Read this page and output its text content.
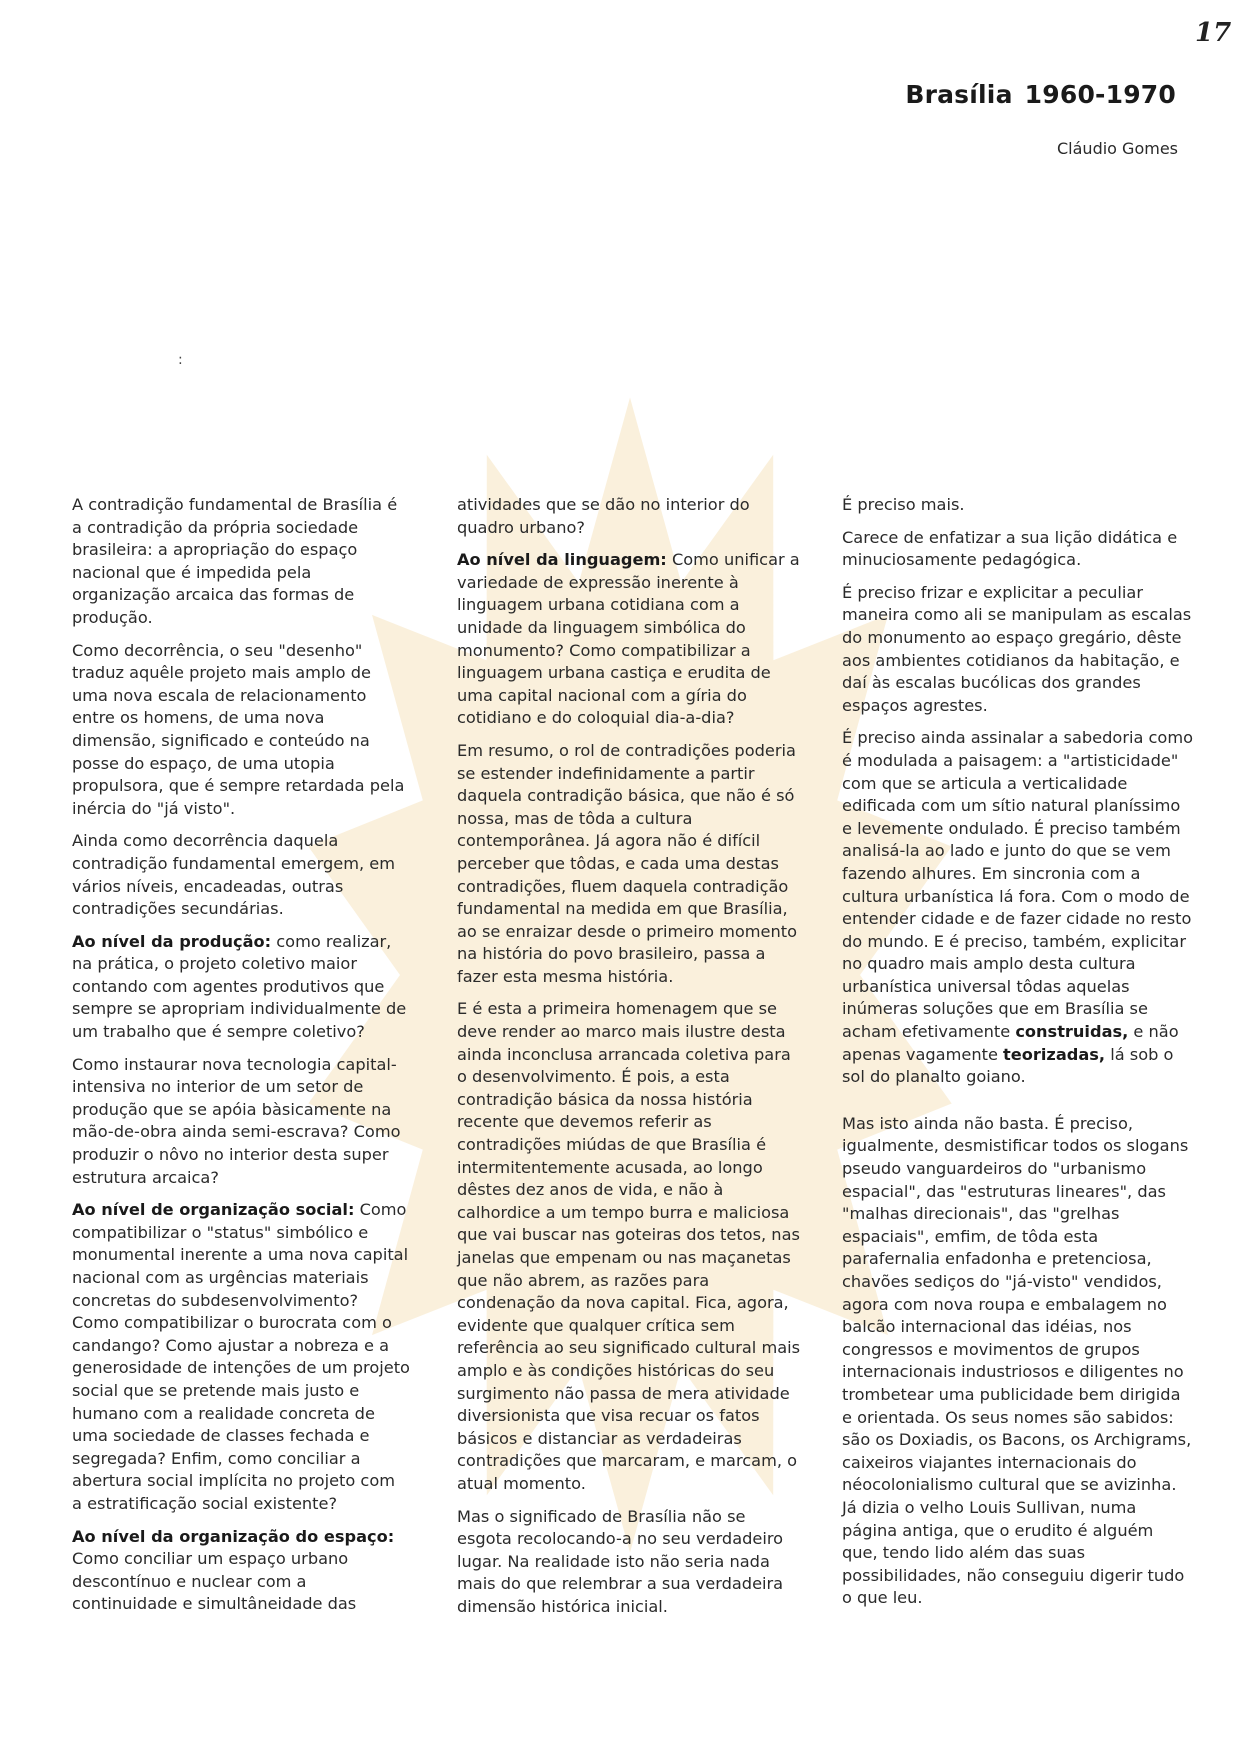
17
Brasília 1960-1970
Cláudio Gomes
:

A contradição fundamental de Brasília é a contradição da própria sociedade brasileira: a apropriação do espaço nacional que é impedida pela organização arcaica das formas de produção.

Como decorrência, o seu "desenho" traduz aquêle projeto mais amplo de uma nova escala de relacionamento entre os homens, de uma nova dimensão, significado e conteúdo na posse do espaço, de uma utopia propulsora, que é sempre retardada pela inércia do "já visto".

Ainda como decorrência daquela contradição fundamental emergem, em vários níveis, encadeadas, outras contradições secundárias.

Ao nível da produção: como realizar, na prática, o projeto coletivo maior contando com agentes produtivos que sempre se apropriam individualmente de um trabalho que é sempre coletivo?

Como instaurar nova tecnologia capital-intensiva no interior de um setor de produção que se apóia bàsicamente na mão-de-obra ainda semi-escrava? Como produzir o nôvo no interior desta super estrutura arcaica?

Ao nível de organização social: Como compatibilizar o "status" simbólico e monumental inerente a uma nova capital nacional com as urgências materiais concretas do subdesenvolvimento? Como compatibilizar o burocrata com o candango? Como ajustar a nobreza e a generosidade de intenções de um projeto social que se pretende mais justo e humano com a realidade concreta de uma sociedade de classes fechada e segregada? Enfim, como conciliar a abertura social implícita no projeto com a estratificação social existente?

Ao nível da organização do espaço: Como conciliar um espaço urbano descontínuo e nuclear com a continuidade e simultâneidade das

atividades que se dão no interior do quadro urbano?

Ao nível da linguagem: Como unificar a variedade de expressão inerente à linguagem urbana cotidiana com a unidade da linguagem simbólica do monumento? Como compatibilizar a linguagem urbana castiça e erudita de uma capital nacional com a gíria do cotidiano e do coloquial dia-a-dia?

Em resumo, o rol de contradições poderia se estender indefinidamente a partir daquela contradição básica, que não é só nossa, mas de tôda a cultura contemporânea. Já agora não é difícil perceber que tôdas, e cada uma destas contradições, fluem daquela contradição fundamental na medida em que Brasília, ao se enraizar desde o primeiro momento na história do povo brasileiro, passa a fazer esta mesma história.

E é esta a primeira homenagem que se deve render ao marco mais ilustre desta ainda inconclusa arrancada coletiva para o desenvolvimento. É pois, a esta contradição básica da nossa história recente que devemos referir as contradições miúdas de que Brasília é intermitentemente acusada, ao longo dêstes dez anos de vida, e não à calhordice a um tempo burra e maliciosa que vai buscar nas goteiras dos tetos, nas janelas que empenam ou nas maçanetas que não abrem, as razões para condenação da nova capital. Fica, agora, evidente que qualquer crítica sem referência ao seu significado cultural mais amplo e às condições históricas do seu surgimento não passa de mera atividade diversionista que visa recuar os fatos básicos e distanciar as verdadeiras contradições que marcaram, e marcam, o atual momento.

Mas o significado de Brasília não se esgota recolocando-a no seu verdadeiro lugar. Na realidade isto não seria nada mais do que relembrar a sua verdadeira dimensão histórica inicial.

É preciso mais.

Carece de enfatizar a sua lição didática e minuciosamente pedagógica.

É preciso frizar e explicitar a peculiar maneira como ali se manipulam as escalas do monumento ao espaço gregário, dêste aos ambientes cotidianos da habitação, e daí às escalas bucólicas dos grandes espaços agrestes.

É preciso ainda assinalar a sabedoria como é modulada a paisagem: a "artisticidade" com que se articula a verticalidade edificada com um sítio natural planíssimo e levemente ondulado. É preciso também analisá-la ao lado e junto do que se vem fazendo alhures. Em sincronia com a cultura urbanística lá fora. Com o modo de entender cidade e de fazer cidade no resto do mundo. E é preciso, também, explicitar no quadro mais amplo desta cultura urbanística universal tôdas aquelas inúmeras soluções que em Brasília se acham efetivamente construidas, e não apenas vagamente teorizadas, lá sob o sol do planalto goiano.

Mas isto ainda não basta. É preciso, igualmente, desmistificar todos os slogans pseudo vanguardeiros do "urbanismo espacial", das "estruturas lineares", das "malhas direcionais", das "grelhas espaciais", emfim, de tôda esta parafernalia enfadonha e pretenciosa, chavões sediços do "já-visto" vendidos, agora com nova roupa e embalagem no balcão internacional das idéias, nos congressos e movimentos de grupos internacionais industriosos e diligentes no trombetear uma publicidade bem dirigida e orientada. Os seus nomes são sabidos: são os Doxiadis, os Bacons, os Archigrams, caixeiros viajantes internacionais do néocolonialismo cultural que se avizinha. Já dizia o velho Louis Sullivan, numa página antiga, que o erudito é alguém que, tendo lido além das suas possibilidades, não conseguiu digerir tudo o que leu.
